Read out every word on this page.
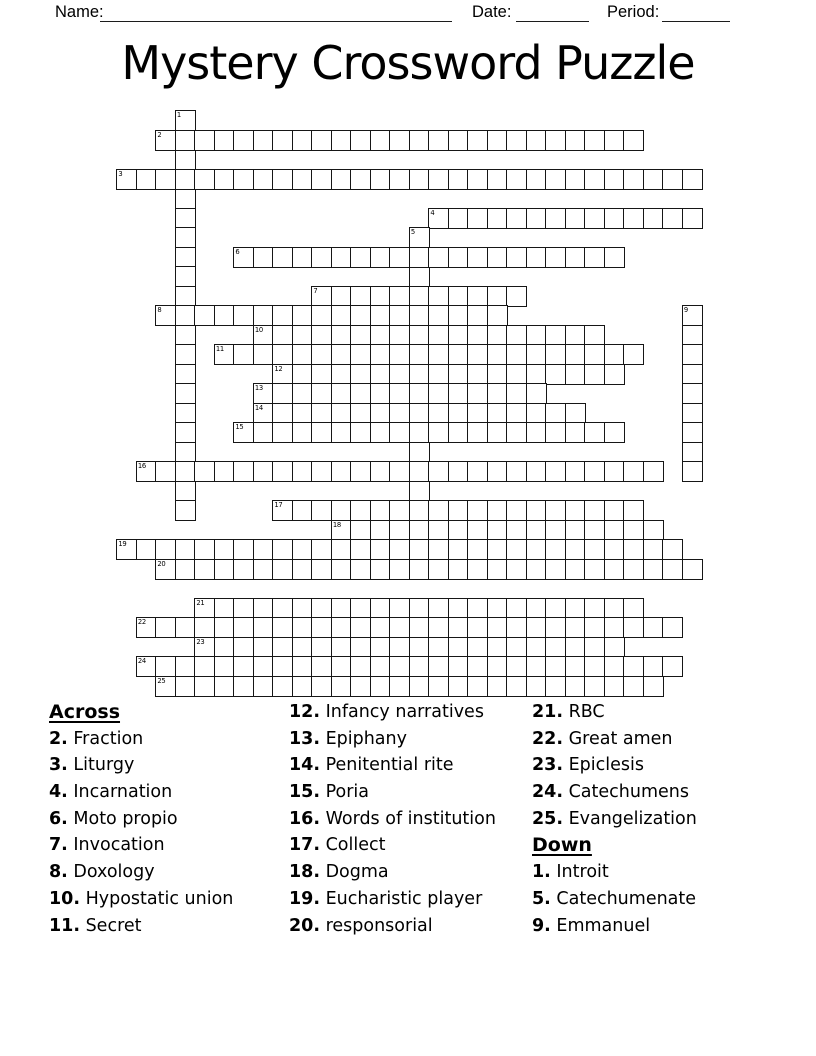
Name:	Date:	Period:
Mystery Crossword Puzzle
1
2
3
4
5
6
7
8	9
10
11
12
13
14
15
16
17
18
19
20
21
22
23
24
25
Across
2. Fraction
3. Liturgy
4. Incarnation
6. Moto propio
7. Invocation
8. Doxology
10. Hypostatic union
11. Secret
12. Infancy narratives
13. Epiphany
14. Penitential rite
15. Poria
16. Words of institution
17. Collect
18. Dogma
19. Eucharistic player
20. responsorial
21. RBC
22. Great amen
23. Epiclesis
24. Catechumens
25. Evangelization
Down
1. Introit
5. Catechumenate
9. Emmanuel
